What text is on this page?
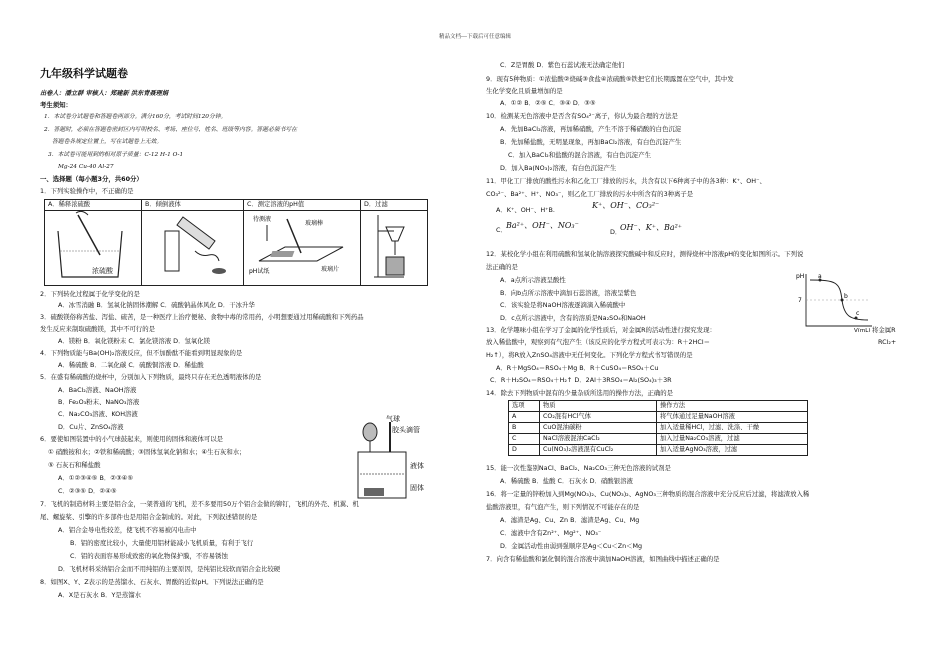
精品文档---下载后可任意编辑
九年级科学试题卷
出卷人：潘立群 审核人：郑建新 洪东青聂理娟
考生须知：
1．本试卷分试题卷和答题卷两部分。满分160分，考试时间120分钟。
2．答题时，必须在答题卷密封区内写明校名、考场、座位号、姓名、班级等内容。答题必须书写在
答题卷各规定位置上，写在试题卷上无效。
3．本试卷可能用到的相对原子质量：C-12 H-1 O-1
Mg-24 Cu-40 Al-27
一、选择题（每小题3分，共60分）
1．下列实验操作中，不正确的是
A．稀释浓硫酸	B．倾倒液体	C．测定溶液的pH值	D．过滤

浓硫酸		玻璃棒
待测液
pH试纸 玻璃片

2．下列转化过程属于化学变化的是
A．冰雪消融 B．氢氧化钠固体潮解 C．硫酸钠晶体风化 D．干冰升华
3．硫酸镁俗称苦盐、泻盐、硫苦，是一种医疗上治疗便秘、食物中毒的常用药，小明想要通过用稀硫酸和下列药品
发生反应来制取硫酸镁，其中不可行的是
A．镁粉 B．氧化镁粉末 C．氯化镁溶液 D．氢氧化镁
4．下列物质能与Ba(OH)₂溶液反应，但不加酚酞不能看到明显现象的是
A．稀硫酸 B．二氧化碳 C．硫酸铜溶液 D．稀盐酸
5．在盛有稀硫酸的烧杯中，分别加入下列物质，最终只存在无色透明液体的是
A．BaCl₂溶液、NaOH溶液
B．Fe₂O₃粉末、NaNO₃溶液
C．Na₂CO₃溶液、KOH溶液
D．Cu片、ZnSO₄溶液
6．要使如图装置中的小气球鼓起来，则使用的固体和液体可以是
① 硝酸铵和水；②铁和稀硫酸；③固体氢氧化钠和水；④生石灰和水；
⑤ 石灰石和稀盐酸
A．①②③④⑤ B．②③④⑤
C．②③⑤ D．②④⑤
气球
胶头滴管
液体
固体
7．飞机的制造材料主要是铝合金，一架普通的飞机，差不多要用50万个铝合金做的铆钉，飞机的外壳、机翼、机
尾、螺旋桨、引擎的许多部件也是用铝合金制成的。对此，下列叙述错误的是
A．铝合金导电性较差，使飞机不容易被闪电击中
B．铝的密度比较小，大量使用铝材能减小飞机质量，有利于飞行
C．铝的表面容易形成致密的氧化物保护膜，不容易锈蚀
D．飞机材料采纳铝合金而不用纯铝的主要原因，是纯铝比较软而铝合金比较硬
8．如图X、Y、Z表示的是蒸馏水、石灰水、胃酸的近似pH。下列说法正确的是
A．X是石灰水 B．Y是蒸馏水
C．Z是胃酸 D．紫色石蕊试液无法确定他们
9．现有5种物质：①浓盐酸②烧碱③食盐④浓硫酸⑤铁把它们长期露置在空气中，其中发
生化学变化且质量增加的是
A．①② B．②⑤ C．③④ D．③⑤
10．检测某无色溶液中是否含有SO₄²⁻离子，你认为最合理的方法是
A．先加BaCl₂溶液，再加稀硝酸，产生不溶于稀硝酸的白色沉淀
B．先加稀盐酸，无明显现象，再加BaCl₂溶液，有白色沉淀产生
C．加入BaCl₂和盐酸的混合溶液，有白色沉淀产生
D．加入Ba(NO₃)₂溶液，有白色沉淀产生
11．甲化工厂排放的酸性污水和乙化工厂排放的污水，共含有以下6种离子中的各3种：K⁺、OH⁻、
CO₃²⁻、Ba²⁺、H⁺、NO₃⁻，则乙化工厂排放的污水中所含有的3种离子是
A．K⁺、OH⁻、H⁺B.	K⁺、OH⁻、CO₃²⁻
C． Ba²⁺、OH⁻、NO₃⁻
D．
OH⁻、K⁺、Ba²⁺
12．某校化学小组在利用硫酸和氢氧化钠溶液探究酸碱中和反应时，测得烧杯中溶液pH的变化如图所示。下列说
法正确的是
A．a点所示溶液呈酸性
B．向b点所示溶液中滴加石蕊溶液，溶液呈紫色
C．该实验是将NaOH溶液逐滴滴入稀硫酸中
D．c点所示溶液中，含有的溶质是Na₂SO₄和NaOH
a
b
c
pH
7
V(mL)
13．化学趣味小组在学习了金属的化学性质后，对金属R的活动性进行探究发现：	将金属R
放入稀盐酸中，观察到有气泡产生（该反应的化学方程式可表示为：R＋2HCl＝	RCl₂+
H₂↑），将R放入ZnSO₄溶液中无任何变化。下列化学方程式书写错误的是
A．R＋MgSO₄＝RSO₄＋Mg B．R＋CuSO₄＝RSO₄＋Cu
C．R＋H₂SO₄＝RSO₄＋H₂↑ D．2Al＋3RSO₄＝Al₂(SO₄)₃＋3R
14．除去下列物质中混有的少量杂质所选用的操作方法，正确的是
选项	物质	操作方法
A	CO₂混有HCl气体	将气体通过足量NaOH溶液
B	CuO混油碳粉	加入适量稀HCl，过滤、洗涤、干燥
C	NaCl溶液混油CaCl₂	加入过量Na₂CO₃溶液，过滤
D	Cu(NO₃)₂溶液混有CuCl₂	加入适量AgNO₃溶液，过滤
15．能一次性鉴别NaCl、BaCl₂、Na₂CO₃三种无色溶液的试剂是
A．稀硫酸 B．盐酸 C．石灰水 D．硝酸银溶液
16．将一定量的锌粉加入到Mg(NO₃)₂、Cu(NO₃)₂、AgNO₃三种物质的混合溶液中充分反应后过滤，将滤渣放入稀
盐酸溶液里，有气泡产生，则下列情况不可能存在的是
A．滤渣是Ag、Cu、Zn B．滤渣是Ag、Cu、Mg
C．滤液中含有Zn²⁺、Mg²⁺、NO₃⁻
D．金属活动性由弱到强顺序是Ag＜Cu＜Zn＜Mg
7．向含有稀盐酸和氯化铜的混合溶液中滴加NaOH溶液，如图曲线中描述正确的是
